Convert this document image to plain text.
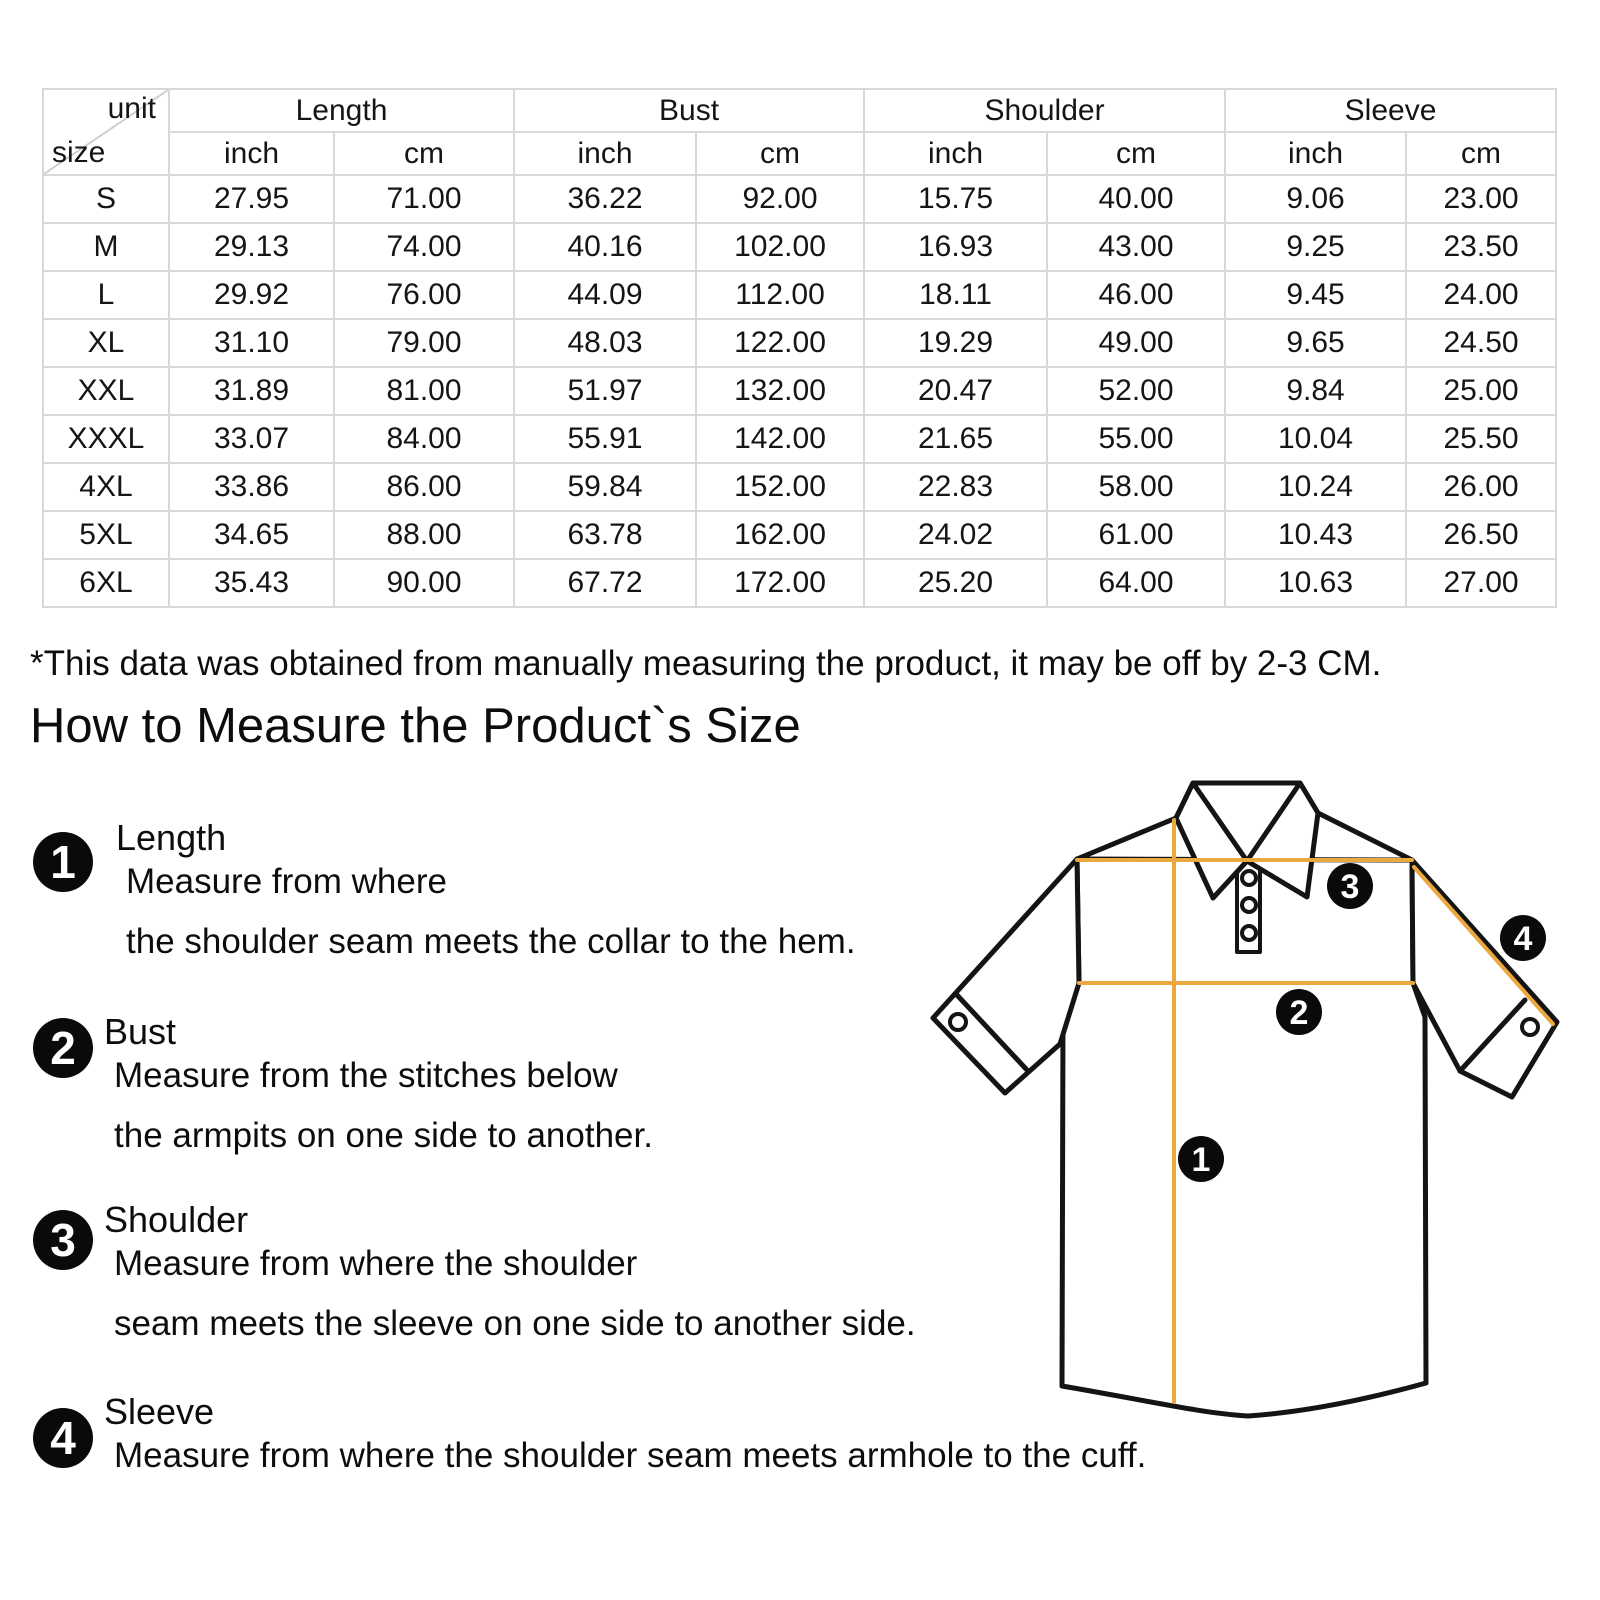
unit
size	Length		Bust		Shoulder		Sleeve	
	inch	cm	inch	cm	inch	cm	inch	cm
S	27.95	71.00	36.22	92.00	15.75	40.00	9.06	23.00
M	29.13	74.00	40.16	102.00	16.93	43.00	9.25	23.50
L	29.92	76.00	44.09	112.00	18.11	46.00	9.45	24.00
XL	31.10	79.00	48.03	122.00	19.29	49.00	9.65	24.50
XXL	31.89	81.00	51.97	132.00	20.47	52.00	9.84	25.00
XXXL	33.07	84.00	55.91	142.00	21.65	55.00	10.04	25.50
4XL	33.86	86.00	59.84	152.00	22.83	58.00	10.24	26.00
5XL	34.65	88.00	63.78	162.00	24.02	61.00	10.43	26.50
6XL	35.43	90.00	67.72	172.00	25.20	64.00	10.63	27.00
*This data was obtained from manually measuring the product, it may be off by 2-3 CM.
How to Measure the Product`s Size
1	Length
Measure from where
the shoulder seam meets the collar to the hem.
2 Bust
Measure from the stitches below
the armpits on one side to another.
3 Shoulder
Measure from where the shoulder
seam meets the sleeve on one side to another side.
4
Sleeve
Measure from where the shoulder seam meets armhole to the cuff.
1
2
3
4
